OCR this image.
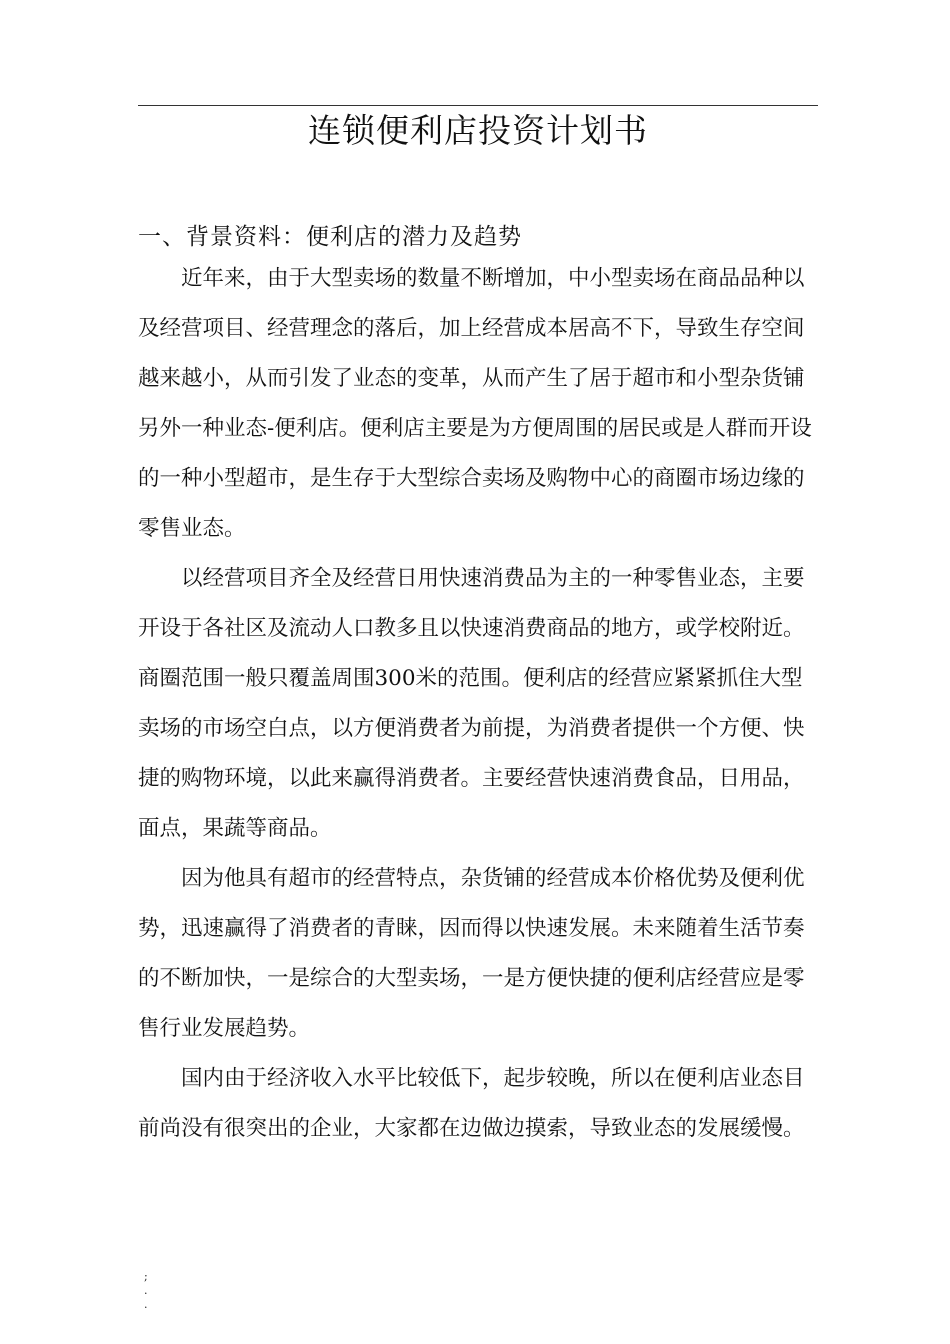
连锁便利店投资计划书
一、背景资料：便利店的潜力及趋势

近年来，由于大型卖场的数量不断增加，中小型卖场在商品品种以及经营项目、经营理念的落后，加上经营成本居高不下，导致生存空间越来越小，从而引发了业态的变革，从而产生了居于超市和小型杂货铺另外一种业态-便利店。便利店主要是为方便周围的居民或是人群而开设的一种小型超市，是生存于大型综合卖场及购物中心的商圈市场边缘的零售业态。

以经营项目齐全及经营日用快速消费品为主的一种零售业态，主要开设于各社区及流动人口教多且以快速消费商品的地方，或学校附近。商圈范围一般只覆盖周围300米的范围。便利店的经营应紧紧抓住大型卖场的市场空白点，以方便消费者为前提，为消费者提供一个方便、快捷的购物环境，以此来赢得消费者。主要经营快速消费食品，日用品，面点，果蔬等商品。

因为他具有超市的经营特点，杂货铺的经营成本价格优势及便利优势，迅速赢得了消费者的青睐，因而得以快速发展。未来随着生活节奏的不断加快，一是综合的大型卖场，一是方便快捷的便利店经营应是零售行业发展趋势。

国内由于经济收入水平比较低下，起步较晚，所以在便利店业态目前尚没有很突出的企业，大家都在边做边摸索，导致业态的发展缓慢。

;
.
.
